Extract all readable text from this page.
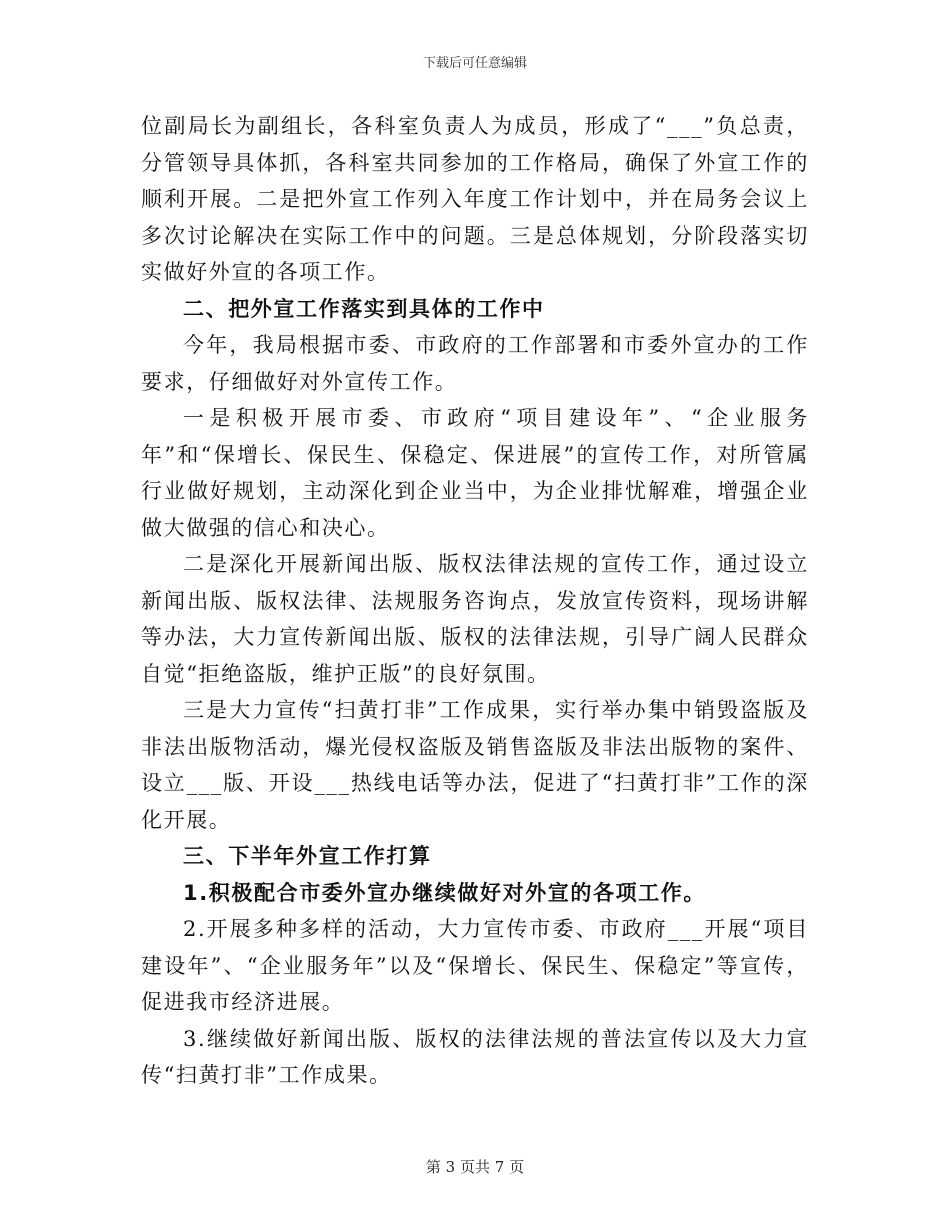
下载后可任意编辑

位副局长为副组长，各科室负责人为成员，形成了“___”负总责，分管领导具体抓，各科室共同参加的工作格局，确保了外宣工作的顺利开展。二是把外宣工作列入年度工作计划中，并在局务会议上多次讨论解决在实际工作中的问题。三是总体规划，分阶段落实切实做好外宣的各项工作。

二、把外宣工作落实到具体的工作中

今年，我局根据市委、市政府的工作部署和市委外宣办的工作要求，仔细做好对外宣传工作。

一是积极开展市委、市政府“项目建设年”、“企业服务年”和“保增长、保民生、保稳定、保进展”的宣传工作，对所管属行业做好规划，主动深化到企业当中，为企业排忧解难，增强企业做大做强的信心和决心。

二是深化开展新闻出版、版权法律法规的宣传工作，通过设立新闻出版、版权法律、法规服务咨询点，发放宣传资料，现场讲解等办法，大力宣传新闻出版、版权的法律法规，引导广阔人民群众自觉“拒绝盗版，维护正版”的良好氛围。

三是大力宣传“扫黄打非”工作成果，实行举办集中销毁盗版及非法出版物活动，爆光侵权盗版及销售盗版及非法出版物的案件、设立___版、开设___热线电话等办法，促进了“扫黄打非”工作的深化开展。

三、下半年外宣工作打算

1.积极配合市委外宣办继续做好对外宣的各项工作。

2.开展多种多样的活动，大力宣传市委、市政府___开展“项目建设年”、“企业服务年”以及“保增长、保民生、保稳定”等宣传，促进我市经济进展。

3.继续做好新闻出版、版权的法律法规的普法宣传以及大力宣传“扫黄打非”工作成果。

第 3 页共 7 页
